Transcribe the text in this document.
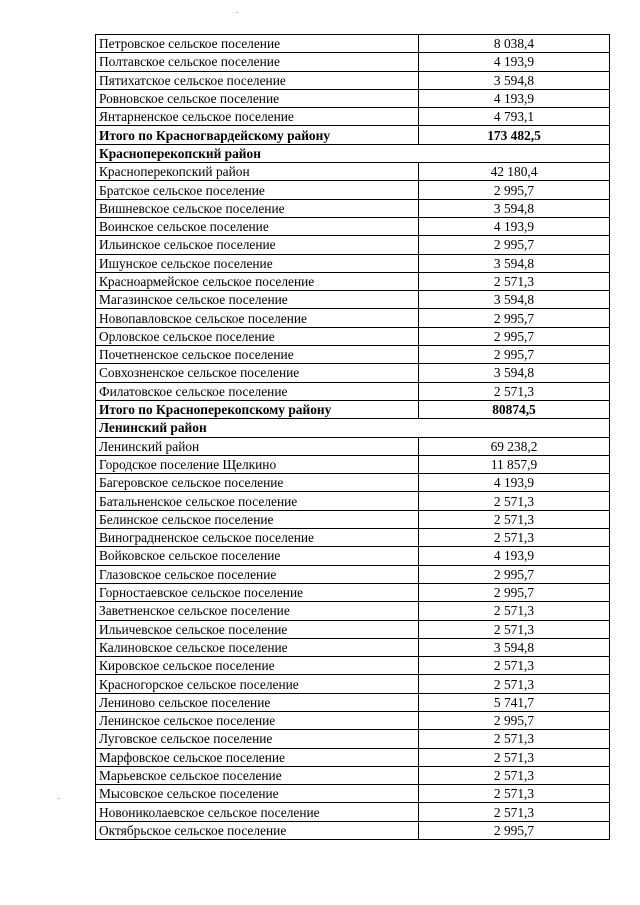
Петровское сельское поселение	8 038,4
Полтавское сельское поселение	4 193,9
Пятихатское сельское поселение	3 594,8
Ровновское сельское поселение	4 193,9
Янтарненское сельское поселение	4 793,1
Итого по Красногвардейскому району	173 482,5
Красноперекопский район	
Красноперекопский район	42 180,4
Братское сельское поселение	2 995,7
Вишневское сельское поселение	3 594,8
Воинское сельское поселение	4 193,9
Ильинское сельское поселение	2 995,7
Ишунское сельское поселение	3 594,8
Красноармейское сельское поселение	2 571,3
Магазинское сельское поселение	3 594,8
Новопавловское сельское поселение	2 995,7
Орловское сельское поселение	2 995,7
Почетненское сельское поселение	2 995,7
Совхозненское сельское поселение	3 594,8
Филатовское сельское поселение	2 571,3
Итого по Красноперекопскому району	80874,5
Ленинский район	
Ленинский район	69 238,2
Городское поселение Щелкино	11 857,9
Багеровское сельское поселение	4 193,9
Батальненское сельское поселение	2 571,3
Белинское сельское поселение	2 571,3
Виноградненское сельское поселение	2 571,3
Войковское сельское поселение	4 193,9
Глазовское сельское поселение	2 995,7
Горностаевское сельское поселение	2 995,7
Заветненское сельское поселение	2 571,3
Ильичевское сельское поселение	2 571,3
Калиновское сельское поселение	3 594,8
Кировское сельское поселение	2 571,3
Красногорское сельское поселение	2 571,3
Лениново сельское поселение	5 741,7
Ленинское сельское поселение	2 995,7
Луговское сельское поселение	2 571,3
Марфовское сельское поселение	2 571,3
Марьевское сельское поселение	2 571,3
Мысовское сельское поселение	2 571,3
Новониколаевское сельское поселение	2 571,3
Октябрьское сельское поселение	2 995,7
